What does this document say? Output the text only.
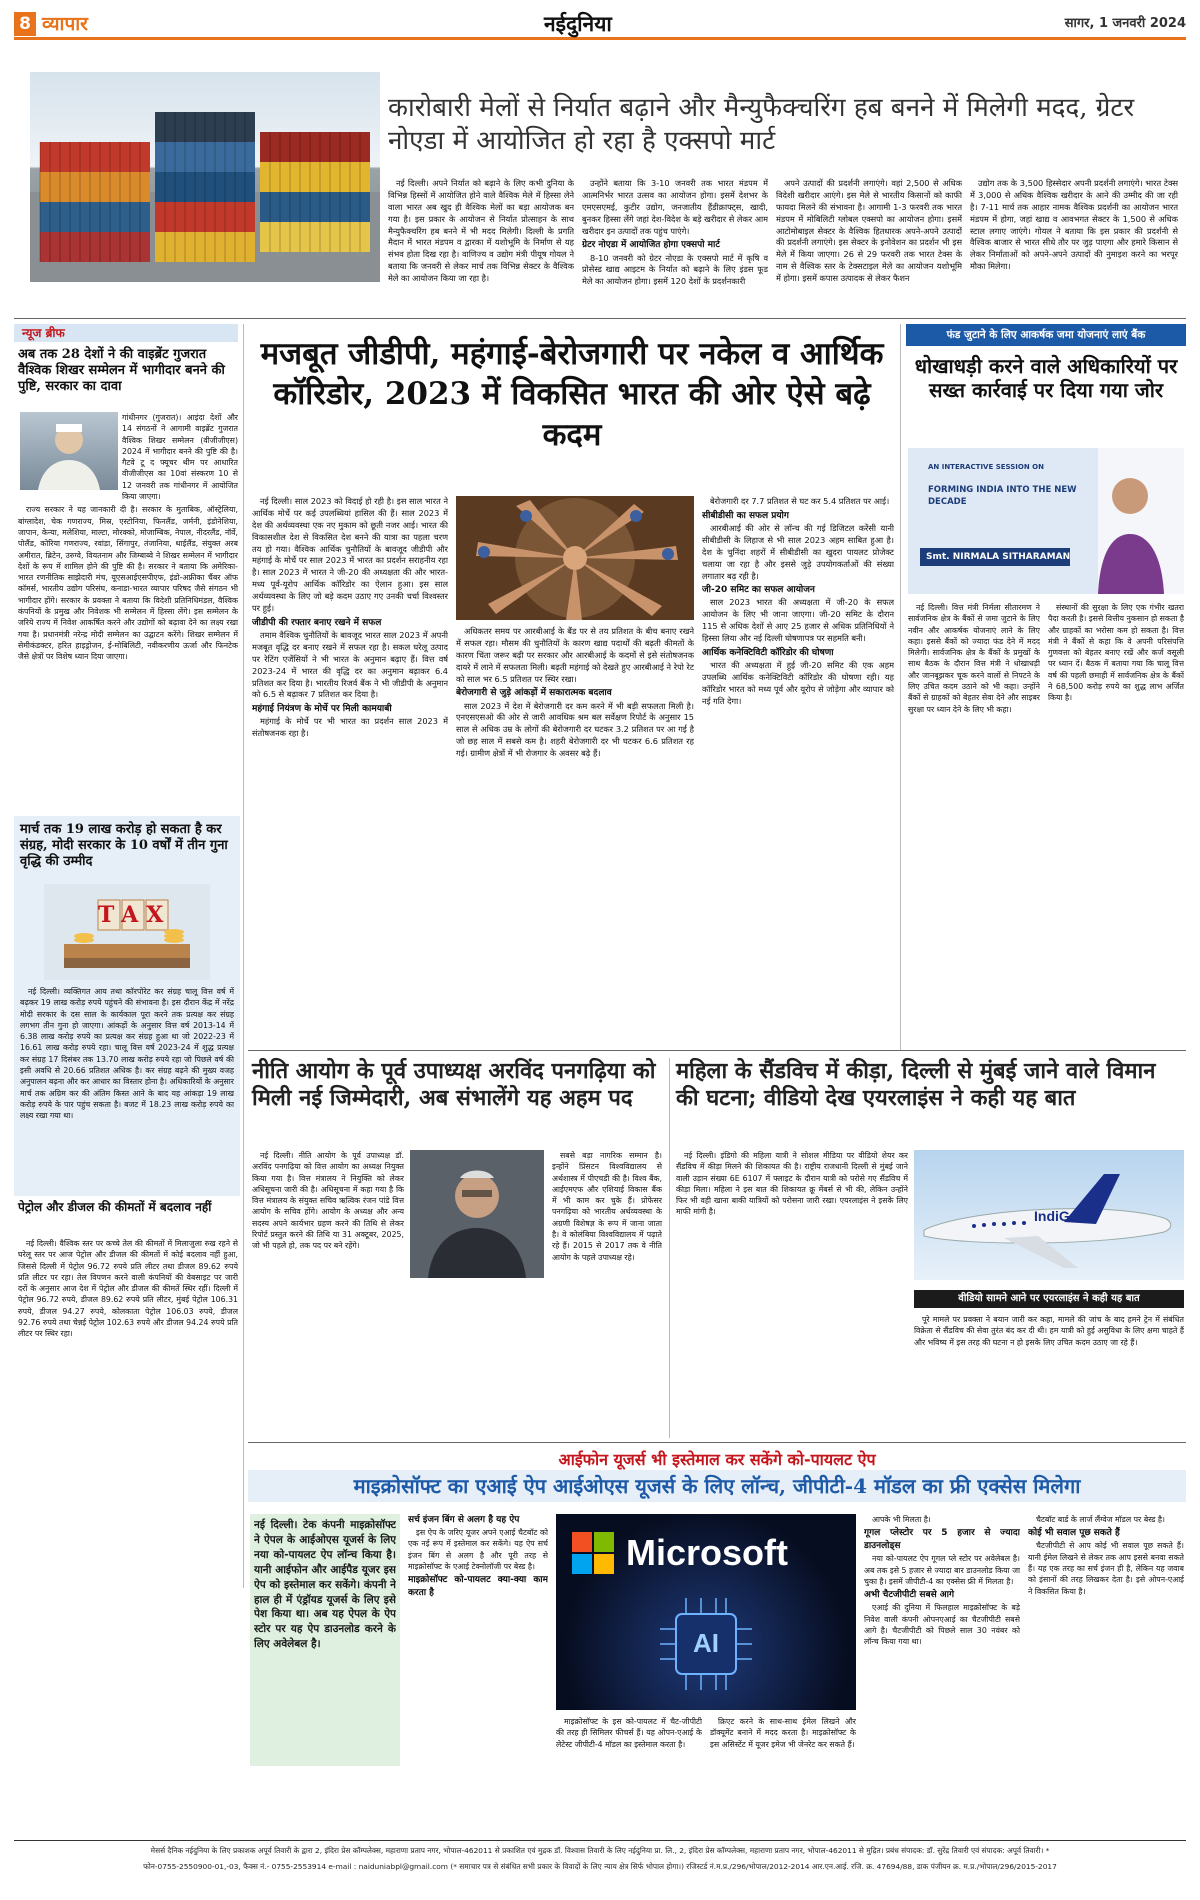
8 व्यापार	नईदुनिया	सागर, 1 जनवरी 2024
कारोबारी मेलों से निर्यात बढ़ाने और मैन्युफैक्चरिंग हब बनने में मिलेगी मदद, ग्रेटर नोएडा में आयोजित हो रहा है एक्सपो मार्ट

नई दिल्ली। अपने निर्यात को बढ़ाने के लिए कभी दुनिया के विभिन्न हिस्सों में आयोजित होने वाले वैश्विक मेले में हिस्सा लेने वाला भारत अब खुद ही वैश्विक मेलों का बड़ा आयोजक बन गया है। इस प्रकार के आयोजन से निर्यात प्रोत्साहन के साथ मैन्युफैक्चरिंग हब बनने में भी मदद मिलेगी। दिल्ली के प्रगति मैदान में भारत मंडपम व द्वारका में यशोभूमि के निर्माण से यह संभव होता दिख रहा है। वाणिज्य व उद्योग मंत्री पीयूष गोयल ने बताया कि जनवरी से लेकर मार्च तक विभिन्न सेक्टर के वैश्विक मेले का आयोजन किया जा रहा है।

उन्होंने बताया कि 3-10 जनवरी तक भारत मंडपम में आत्मनिर्भर भारत उत्सव का आयोजन होगा। इसमें देशभर के एमएसएमई, कुटीर उद्योग, जनजातीय हैंडीक्राफ्ट्स, खादी, बुनकर हिस्सा लेंगे जहां देश-विदेश के बड़े खरीदार से लेकर आम खरीदार इन उत्पादों तक पहुंच पाएंगे।

ग्रेटर नोएडा में आयोजित होगा एक्सपो मार्ट

8-10 जनवरी को ग्रेटर नोएडा के एक्सपो मार्ट में कृषि व प्रोसेस्ड खाद्य आइटम के निर्यात को बढ़ाने के लिए इंडस फूड मेले का आयोजन होगा। इसमें 120 देशों के प्रदर्शनकारी

अपने उत्पादों की प्रदर्शनी लगाएंगे। वहां 2,500 से अधिक विदेशी खरीदार आएंगे। इस मेले से भारतीय किसानों को काफी फायदा मिलने की संभावना है। आगामी 1-3 फरवरी तक भारत मंडपम में मोबिलिटी ग्लोबल एक्सपो का आयोजन होगा। इसमें आटोमोबाइल सेक्टर के वैश्विक हितधारक अपने-अपने उत्पादों की प्रदर्शनी लगाएंगे। इस सेक्टर के इनोवेशन का प्रदर्शन भी इस मेले में किया जाएगा। 26 से 29 फरवरी तक भारत टेक्स के नाम से वैश्विक स्तर के टेक्सटाइल मेले का आयोजन यशोभूमि में होगा। इसमें कपास उत्पादक से लेकर फैशन

उद्योग तक के 3,500 हिस्सेदार अपनी प्रदर्शनी लगाएंगे। भारत टेक्स में 3,000 से अधिक वैश्विक खरीदार के आने की उम्मीद की जा रही है। 7-11 मार्च तक आहार नामक वैश्विक प्रदर्शनी का आयोजन भारत मंडपम में होगा, जहां खाद्य व आवभगत सेक्टर के 1,500 से अधिक स्टाल लगाए जाएंगे। गोयल ने बताया कि इस प्रकार की प्रदर्शनी से वैश्विक बाजार से भारत सीधे तौर पर जुड़ पाएगा और हमारे किसान से लेकर निर्माताओं को अपने-अपने उत्पादों की नुमाइश करने का भरपूर मौका मिलेगा।

न्यूज ब्रीफ
अब तक 28 देशों ने की वाइब्रेंट गुजरात वैश्विक शिखर सम्मेलन में भागीदार बनने की पुष्टि, सरकार का दावा

गांधीनगर (गुजरात)। आइंदा देशों और 14 संगठनों ने आगामी वाइब्रेंट गुजरात वैश्विक शिखर सम्मेलन (वीजीजीएस) 2024 में भागीदार बनने की पुष्टि की है। गैटवे टू द फ्यूचर थीम पर आधारित वीजीजीएस का 10वां संस्करण 10 से 12 जनवरी तक गांधीनगर में आयोजित किया जाएगा।

राज्य सरकार ने यह जानकारी दी है। सरकार के मुताबिक, ऑस्ट्रेलिया, बांग्लादेश, चेक गणराज्य, मिस्र, एस्टोनिया, फिनलैंड, जर्मनी, इंडोनेशिया, जापान, केन्या, मलेशिया, माल्टा, मोरक्को, मोजाम्बिक, नेपाल, नीदरलैंड, नॉर्वे, पोलैंड, कोरिया गणराज्य, रवांडा, सिंगापुर, तंजानिया, थाईलैंड, संयुक्त अरब अमीरात, ब्रिटेन, उरुग्वे, वियतनाम और जिम्बाब्वे ने शिखर सम्मेलन में भागीदार देशों के रूप में शामिल होने की पुष्टि की है। सरकार ने बताया कि अमेरिका-भारत रणनीतिक साझेदारी मंच, यूएसआईएसपीएफ, इंडो-अफ्रीका चैंबर ऑफ कॉमर्स, भारतीय उद्योग परिसंघ, कनाडा-भारत व्यापार परिषद जैसे संगठन भी भागीदार होंगे। सरकार के प्रवक्ता ने बताया कि विदेशी प्रतिनिधिमंडल, वैश्विक कंपनियों के प्रमुख और निवेशक भी सम्मेलन में हिस्सा लेंगे। इस सम्मेलन के जरिये राज्य में निवेश आकर्षित करने और उद्योगों को बढ़ावा देने का लक्ष्य रखा गया है। प्रधानमंत्री नरेन्द्र मोदी सम्मेलन का उद्घाटन करेंगे। शिखर सम्मेलन में सेमीकंडक्टर, हरित हाइड्रोजन, ई-मोबिलिटी, नवीकरणीय ऊर्जा और फिनटेक जैसे क्षेत्रों पर विशेष ध्यान दिया जाएगा।

मार्च तक 19 लाख करोड़ हो सकता है कर संग्रह, मोदी सरकार के 10 वर्षों में तीन गुना वृद्धि की उम्मीद
TAX

नई दिल्ली। व्यक्तिगत आय तथा कॉरपोरेट कर संग्रह चालू वित्त वर्ष में बढ़कर 19 लाख करोड़ रुपये पहुंचने की संभावना है। इस दौरान केंद्र में नरेंद्र मोदी सरकार के दस साल के कार्यकाल पूरा करने तक प्रत्यक्ष कर संग्रह लगभग तीन गुना हो जाएगा। आंकड़ों के अनुसार वित्त वर्ष 2013-14 में 6.38 लाख करोड़ रुपये का प्रत्यक्ष कर संग्रह हुआ था जो 2022-23 में 16.61 लाख करोड़ रुपये रहा। चालू वित्त वर्ष 2023-24 में शुद्ध प्रत्यक्ष कर संग्रह 17 दिसंबर तक 13.70 लाख करोड़ रुपये रहा जो पिछले वर्ष की इसी अवधि से 20.66 प्रतिशत अधिक है। कर संग्रह बढ़ने की मुख्य वजह अनुपालन बढ़ना और कर आधार का विस्तार होना है। अधिकारियों के अनुसार मार्च तक अग्रिम कर की अंतिम किस्त आने के बाद यह आंकड़ा 19 लाख करोड़ रुपये के पार पहुंच सकता है। बजट में 18.23 लाख करोड़ रुपये का लक्ष्य रखा गया था।

पेट्रोल और डीजल की कीमतों में बदलाव नहीं

नई दिल्ली। वैश्विक स्तर पर कच्चे तेल की कीमतों में मिलाजुला रुख रहने से घरेलू स्तर पर आज पेट्रोल और डीजल की कीमतों में कोई बदलाव नहीं हुआ, जिससे दिल्ली में पेट्रोल 96.72 रुपये प्रति लीटर तथा डीजल 89.62 रुपये प्रति लीटर पर रहा। तेल विपणन करने वाली कंपनियों की वेबसाइट पर जारी दरों के अनुसार आज देश में पेट्रोल और डीजल की कीमतें स्थिर रहीं। दिल्ली में पेट्रोल 96.72 रुपये, डीजल 89.62 रुपये प्रति लीटर, मुंबई पेट्रोल 106.31 रुपये, डीजल 94.27 रुपये, कोलकाता पेट्रोल 106.03 रुपये, डीजल 92.76 रुपये तथा चेन्नई पेट्रोल 102.63 रुपये और डीजल 94.24 रुपये प्रति लीटर पर स्थिर रहा।

मजबूत जीडीपी, महंगाई-बेरोजगारी पर नकेल व आर्थिक कॉरिडोर, 2023 में विकसित भारत की ओर ऐसे बढ़े कदम

नई दिल्ली। साल 2023 को विदाई हो रही है। इस साल भारत ने आर्थिक मोर्चे पर कई उपलब्धियां हासिल की हैं। साल 2023 में देश की अर्थव्यवस्था एक नए मुकाम को छूती नजर आई। भारत की विकासशील देश से विकसित देश बनने की यात्रा का पहला चरण तय हो गया। वैश्विक आर्थिक चुनौतियों के बावजूद जीडीपी और महंगाई के मोर्चे पर साल 2023 में भारत का प्रदर्शन सराहनीय रहा है। साल 2023 में भारत ने जी-20 की अध्यक्षता की और भारत-मध्य पूर्व-यूरोप आर्थिक कॉरिडोर का ऐलान हुआ। इस साल अर्थव्यवस्था के लिए जो बड़े कदम उठाए गए उनकी चर्चा विश्वस्तर पर हुई।

जीडीपी की रफ्तार बनाए रखने में सफल

तमाम वैश्विक चुनौतियों के बावजूद भारत साल 2023 में अपनी मजबूत वृद्धि दर बनाए रखने में सफल रहा है। सकल घरेलू उत्पाद पर रेटिंग एजेंसियों ने भी भारत के अनुमान बढ़ाए हैं। वित्त वर्ष 2023-24 में भारत की वृद्धि दर का अनुमान बढ़ाकर 6.4 प्रतिशत कर दिया है। भारतीय रिजर्व बैंक ने भी जीडीपी के अनुमान को 6.5 से बढ़ाकर 7 प्रतिशत कर दिया है।

महंगाई नियंत्रण के मोर्चे पर मिली कामयाबी

महंगाई के मोर्चे पर भी भारत का प्रदर्शन साल 2023 में संतोषजनक रहा है।

अधिकतर समय पर आरबीआई के बैंड पर से तय प्रतिशत के बीच बनाए रखने में सफल रहा। मौसम की चुनौतियों के कारण खाद्य पदार्थों की बढ़ती कीमतों के कारण चिंता जरूर बढ़ी पर सरकार और आरबीआई के कदमों से इसे संतोषजनक दायरे में लाने में सफलता मिली। बढ़ती महंगाई को देखते हुए आरबीआई ने रेपो रेट को साल भर 6.5 प्रतिशत पर स्थिर रखा।

बेरोजगारी से जुड़े आंकड़ों में सकारात्मक बदलाव

साल 2023 में देश में बेरोजगारी दर कम करने में भी बड़ी सफलता मिली है। एनएसएसओ की ओर से जारी आवधिक श्रम बल सर्वेक्षण रिपोर्ट के अनुसार 15 साल से अधिक उम्र के लोगों की बेरोजगारी दर घटकर 3.2 प्रतिशत पर आ गई है जो छह साल में सबसे कम है। शहरी बेरोजगारी दर भी घटकर 6.6 प्रतिशत रह गई। ग्रामीण क्षेत्रों में भी रोजगार के अवसर बढ़े हैं।

बेरोजगारी दर 7.7 प्रतिशत से घट कर 5.4 प्रतिशत पर आई।

सीबीडीसी का सफल प्रयोग

आरबीआई की ओर से लॉन्च की गई डिजिटल करेंसी यानी सीबीडीसी के लिहाज से भी साल 2023 अहम साबित हुआ है। देश के चुनिंदा शहरों में सीबीडीसी का खुदरा पायलट प्रोजेक्ट चलाया जा रहा है और इससे जुड़े उपयोगकर्ताओं की संख्या लगातार बढ़ रही है।

जी-20 समिट का सफल आयोजन

साल 2023 भारत की अध्यक्षता में जी-20 के सफल आयोजन के लिए भी जाना जाएगा। जी-20 समिट के दौरान 115 से अधिक देशों से आए 25 हजार से अधिक प्रतिनिधियों ने हिस्सा लिया और नई दिल्ली घोषणापत्र पर सहमति बनी।

आर्थिक कनेक्टिविटी कॉरिडोर की घोषणा

भारत की अध्यक्षता में हुई जी-20 समिट की एक अहम उपलब्धि आर्थिक कनेक्टिविटी कॉरिडोर की घोषणा रही। यह कॉरिडोर भारत को मध्य पूर्व और यूरोप से जोड़ेगा और व्यापार को नई गति देगा।

फंड जुटाने के लिए आकर्षक जमा योजनाएं लाएं बैंक
धोखाधड़ी करने वाले अधिकारियों पर सख्त कार्रवाई पर दिया गया जोर
AN INTERACTIVE SESSION ON
FORMING INDIA INTO THE NEW DECADE
Smt. NIRMALA SITHARAMAN

नई दिल्ली। वित्त मंत्री निर्मला सीतारमण ने सार्वजनिक क्षेत्र के बैंकों से जमा जुटाने के लिए नवीन और आकर्षक योजनाएं लाने के लिए कहा। इससे बैंकों को ज्यादा फंड देने में मदद मिलेगी। सार्वजनिक क्षेत्र के बैंकों के प्रमुखों के साथ बैठक के दौरान वित्त मंत्री ने धोखाधड़ी और जानबूझकर चूक करने वालों से निपटने के लिए उचित कदम उठाने को भी कहा। उन्होंने बैंकों से ग्राहकों को बेहतर सेवा देने और साइबर सुरक्षा पर ध्यान देने के लिए भी कहा।

संस्थानों की सुरक्षा के लिए एक गंभीर खतरा पैदा करती है। इससे वित्तीय नुकसान हो सकता है और ग्राहकों का भरोसा कम हो सकता है। वित्त मंत्री ने बैंकों से कहा कि वे अपनी परिसंपत्ति गुणवत्ता को बेहतर बनाए रखें और कर्ज वसूली पर ध्यान दें। बैठक में बताया गया कि चालू वित्त वर्ष की पहली छमाही में सार्वजनिक क्षेत्र के बैंकों ने 68,500 करोड़ रुपये का शुद्ध लाभ अर्जित किया है।

नीति आयोग के पूर्व उपाध्यक्ष अरविंद पनगढ़िया को मिली नई जिम्मेदारी, अब संभालेंगे यह अहम पद

नई दिल्ली। नीति आयोग के पूर्व उपाध्यक्ष डॉ. अरविंद पनगढ़िया को वित्त आयोग का अध्यक्ष नियुक्त किया गया है। वित्त मंत्रालय ने नियुक्ति को लेकर अधिसूचना जारी की है। अधिसूचना में कहा गया है कि वित्त मंत्रालय के संयुक्त सचिव ऋत्विक रंजन पांडे वित्त आयोग के सचिव होंगे। आयोग के अध्यक्ष और अन्य सदस्य अपने कार्यभार ग्रहण करने की तिथि से लेकर रिपोर्ट प्रस्तुत करने की तिथि या 31 अक्टूबर, 2025, जो भी पहले हो, तक पद पर बने रहेंगे।

सबसे बड़ा नागरिक सम्मान है। इन्होंने प्रिंसटन विश्वविद्यालय से अर्थशास्त्र में पीएचडी की है। विश्व बैंक, आईएमएफ और एशियाई विकास बैंक में भी काम कर चुके हैं। प्रोफेसर पनगढ़िया को भारतीय अर्थव्यवस्था के अग्रणी विशेषज्ञ के रूप में जाना जाता है। वे कोलंबिया विश्वविद्यालय में पढ़ाते रहे हैं। 2015 से 2017 तक वे नीति आयोग के पहले उपाध्यक्ष रहे।

महिला के सैंडविच में कीड़ा, दिल्ली से मुंबई जाने वाले विमान की घटना; वीडियो देख एयरलाइंस ने कही यह बात

नई दिल्ली। इंडिगो की महिला यात्री ने सोशल मीडिया पर वीडियो शेयर कर सैंडविच में कीड़ा मिलने की शिकायत की है। राष्ट्रीय राजधानी दिल्ली से मुंबई जाने वाली उड़ान संख्या 6E 6107 में फ्लाइट के दौरान यात्री को परोसे गए सैंडविच में कीड़ा मिला। महिला ने इस बात की शिकायत क्रू मेंबर्स से भी की, लेकिन उन्होंने फिर भी वही खाना बाकी यात्रियों को परोसना जारी रखा। एयरलाइंस ने इसके लिए माफी मांगी है।	IndiGo
वीडियो सामने आने पर एयरलाइंस ने कही यह बात

पूरे मामले पर प्रवक्ता ने बयान जारी कर कहा, मामले की जांच के बाद हमने ट्रेन में संबंधित विक्रेता से सैंडविच की सेवा तुरंत बंद कर दी थी। हम यात्री को हुई असुविधा के लिए क्षमा चाहते हैं और भविष्य में इस तरह की घटना न हो इसके लिए उचित कदम उठाए जा रहे हैं।

आईफोन यूजर्स भी इस्तेमाल कर सकेंगे को-पायलट ऐप
माइक्रोसॉफ्ट का एआई ऐप आईओएस यूजर्स के लिए लॉन्च, जीपीटी-4 मॉडल का फ्री एक्सेस मिलेगा

नई दिल्ली। टेक कंपनी माइक्रोसॉफ्ट ने ऐपल के आईओएस यूजर्स के लिए नया को-पायलट ऐप लॉन्च किया है। यानी आईफोन और आईपैड यूजर इस ऐप को इस्तेमाल कर सकेंगे। कंपनी ने हाल ही में एंड्रॉयड यूजर्स के लिए इसे पेश किया था। अब यह ऐपल के ऐप स्टोर पर यह ऐप डाउनलोड करने के लिए अवेलेबल है।

सर्च इंजन बिंग से अलग है यह ऐप

इस ऐप के जरिए यूजर अपने एआई चैटबॉट को एक नई रूप में इस्तेमाल कर सकेंगे। यह ऐप सर्च इंजन बिंग से अलग है और पूरी तरह से माइक्रोसॉफ्ट के एआई टेक्नोलॉजी पर बेस्ड है।

माइक्रोसॉफ्ट को-पायलट क्या-क्या काम करता है
Microsoft
AI

माइक्रोसॉफ्ट के इस को-पायलट में चैट-जीपीटी की तरह ही सिमिलर फीचर्स हैं। यह ओपन-एआई के लेटेस्ट जीपीटी-4 मॉडल का इस्तेमाल करता है।

क्रिएट करने के साथ-साथ ईमेल लिखने और डॉक्यूमेंट बनाने में मदद करता है। माइक्रोसॉफ्ट के इस असिस्टेंट में यूजर इमेज भी जेनरेट कर सकते हैं।

आपके भी मिलता है।

गूगल प्लेस्टोर पर 5 हजार से ज्यादा डाउनलोड्स

नया को-पायलट ऐप गूगल प्ले स्टोर पर अवेलेबल है। अब तक इसे 5 हजार से ज्यादा बार डाउनलोड किया जा चुका है। इसमें जीपीटी-4 का एक्सेस फ्री में मिलता है।

अभी चैटजीपीटी सबसे आगे

एआई की दुनिया में फिलहाल माइक्रोसॉफ्ट के बड़े निवेश वाली कंपनी ओपनएआई का चैटजीपीटी सबसे आगे है। चैटजीपीटी को पिछले साल 30 नवंबर को लॉन्च किया गया था।

चैटबॉट बार्ड के लार्ज लैंग्वेज मॉडल पर बेस्ड है।

कोई भी सवाल पूछ सकते हैं

चैटजीपीटी से आप कोई भी सवाल पूछ सकते हैं। यानी ईमेल लिखने से लेकर तक आप इससे बनवा सकते हैं। यह एक तरह का सर्च इंजन ही है, लेकिन यह जवाब को इंसानों की तरह लिखकर देता है। इसे ओपन-एआई ने विकसित किया है।

मेसर्स दैनिक नईदुनिया के लिए प्रकाशक अपूर्व तिवारी के द्वारा 2, इंदिरा प्रेस कॉम्पलेक्स, महाराणा प्रताप नगर, भोपाल-462011 से प्रकाशित एवं मुद्रक डॉ. विश्वास तिवारी के लिए नईदुनिया प्रा. लि., 2, इंदिरा प्रेस कॉम्पलेक्स, महाराणा प्रताप नगर, भोपाल-462011 से मुद्रित। प्रबंध संपादक: डॉ. सुरेंद्र तिवारी एवं संपादक: अपूर्व तिवारी। *
फोन-0755-2550900-01,-03, फैक्स नं.- 0755-2553914 e-mail : naiduniabpl@gmail.com (* समाचार पत्र से संबंधित सभी प्रकार के विवादों के लिए न्याय क्षेत्र सिर्फ भोपाल होगा।) रजिस्टर्ड नं.म.प्र./296/भोपाल/2012-2014 आर.एन.आई. रजि. क्र. 47694/88, डाक पंजीयन क्र. म.प्र./भोपाल/296/2015-2017
